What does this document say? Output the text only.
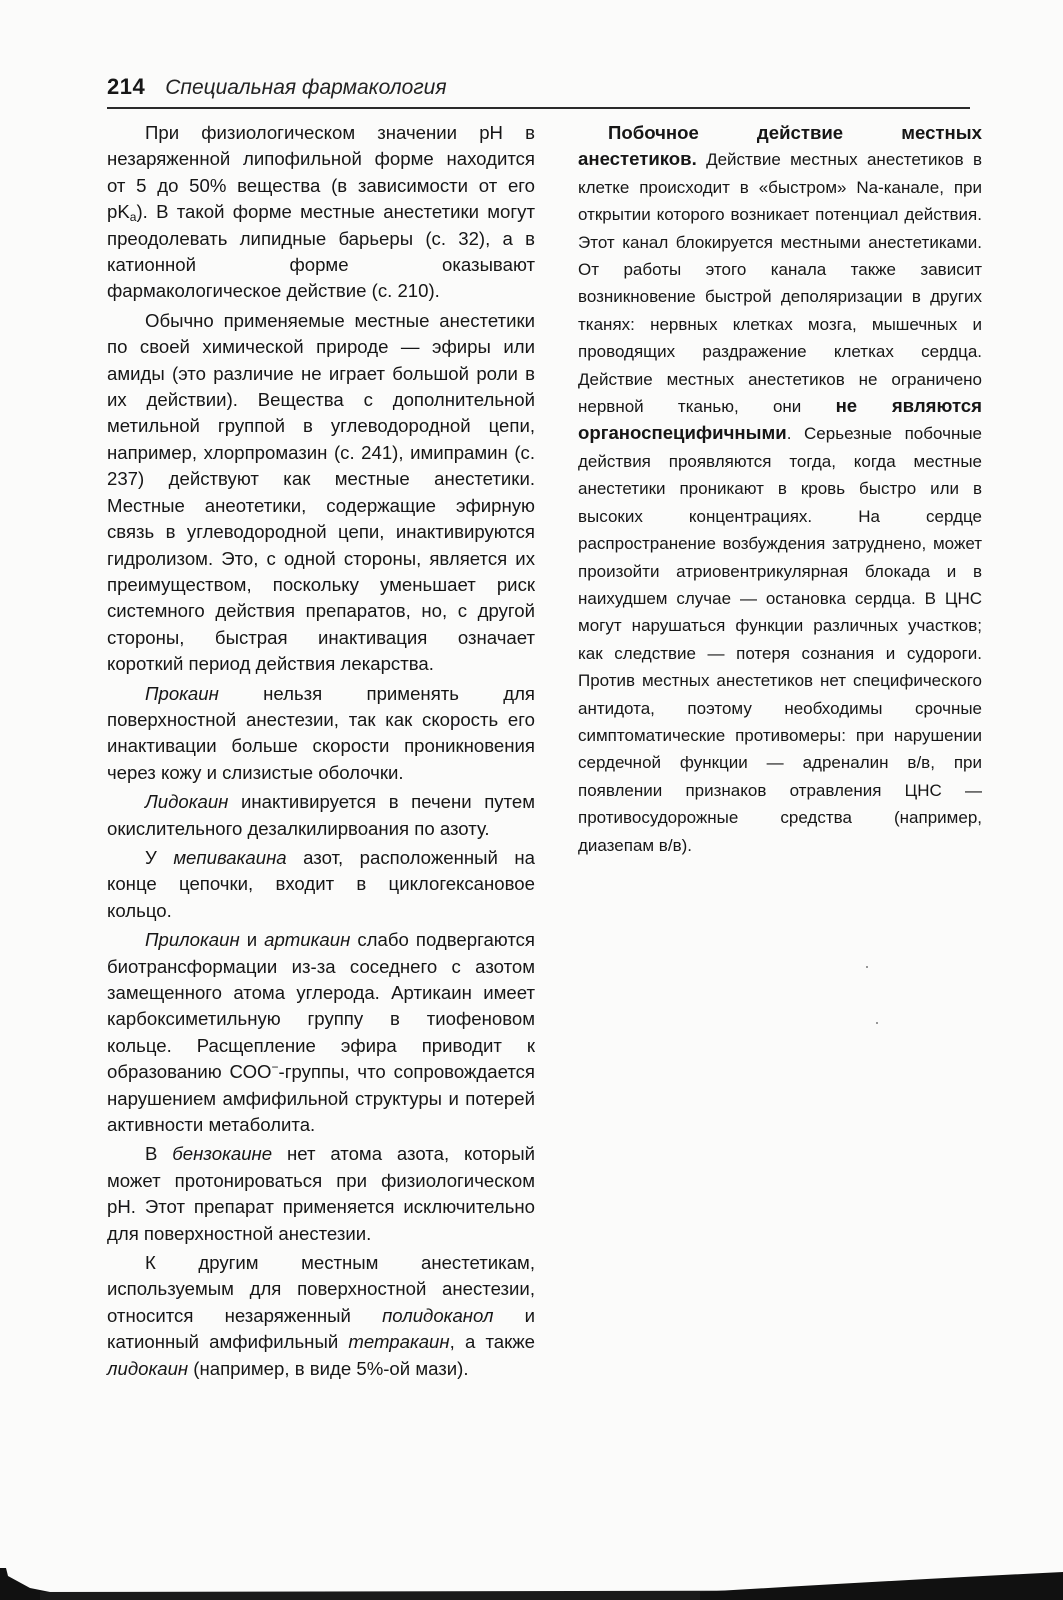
214 Специальная фармакология

При физиологическом значении pH в незаряженной липофильной форме находится от 5 до 50% вещества (в зависимости от его $pK_a$). В такой форме местные анестетики могут преодолевать липидные барьеры (с. 32), а в катионной форме оказывают фармакологическое действие (с. 210).

Обычно применяемые местные анестетики по своей химической природе — эфиры или амиды (это различие не играет большой роли в их действии). Вещества с дополнительной метильной группой в углеводородной цепи, например, хлорпромазин (с. 241), имипрамин (с. 237) действуют как местные анестетики. Местные анеотетики, содержащие эфирную связь в углеводородной цепи, инактивируются гидролизом. Это, с одной стороны, является их преимуществом, поскольку уменьшает риск системного действия препаратов, но, с другой стороны, быстрая инактивация означает короткий период действия лекарства.

Прокаин нельзя применять для поверхностной анестезии, так как скорость его инактивации больше скорости проникновения через кожу и слизистые оболочки.

Лидокаин инактивируется в печени путем окислительного дезалкилирвоания по азоту.

У мепивакаина азот, расположенный на конце цепочки, входит в циклогексановое кольцо.

Прилокаин и артикаин слабо подвергаются биотрансформации из-за соседнего с азотом замещенного атома углерода. Артикаин имеет карбоксиметильную группу в тиофеновом кольце. Расщепление эфира приводит к образованию СОО−-группы, что сопровождается нарушением амфифильной структуры и потерей активности метаболита.

В бензокаине нет атома азота, который может протонироваться при физиологическом pH. Этот препарат применяется исключительно для поверхностной анестезии.

К другим местным анестетикам, используемым для поверхностной анестезии, относится незаряженный полидоканол и катионный амфифильный тетракаин, а также лидокаин (например, в виде 5%-ой мази).

Побочное действие местных анестетиков. Действие местных анестетиков в клетке происходит в «быстром» Na-канале, при открытии которого возникает потенциал действия. Этот канал блокируется местными анестетиками. От работы этого канала также зависит возникновение быстрой деполяризации в других тканях: нервных клетках мозга, мышечных и проводящих раздражение клетках сердца. Действие местных анестетиков не ограничено нервной тканью, они не являются органоспецифичными. Серьезные побочные действия проявляются тогда, когда местные анестетики проникают в кровь быстро или в высоких концентрациях. На сердце распространение возбуждения затруднено, может произойти атриовентрикулярная блокада и в наихудшем случае — остановка сердца. В ЦНС могут нарушаться функции различных участков; как следствие — потеря сознания и судороги. Против местных анестетиков нет специфического антидота, поэтому необходимы срочные симптоматические противомеры: при нарушении сердечной функции — адреналин в/в, при появлении признаков отравления ЦНС — противосудорожные средства (например, диазепам в/в).
